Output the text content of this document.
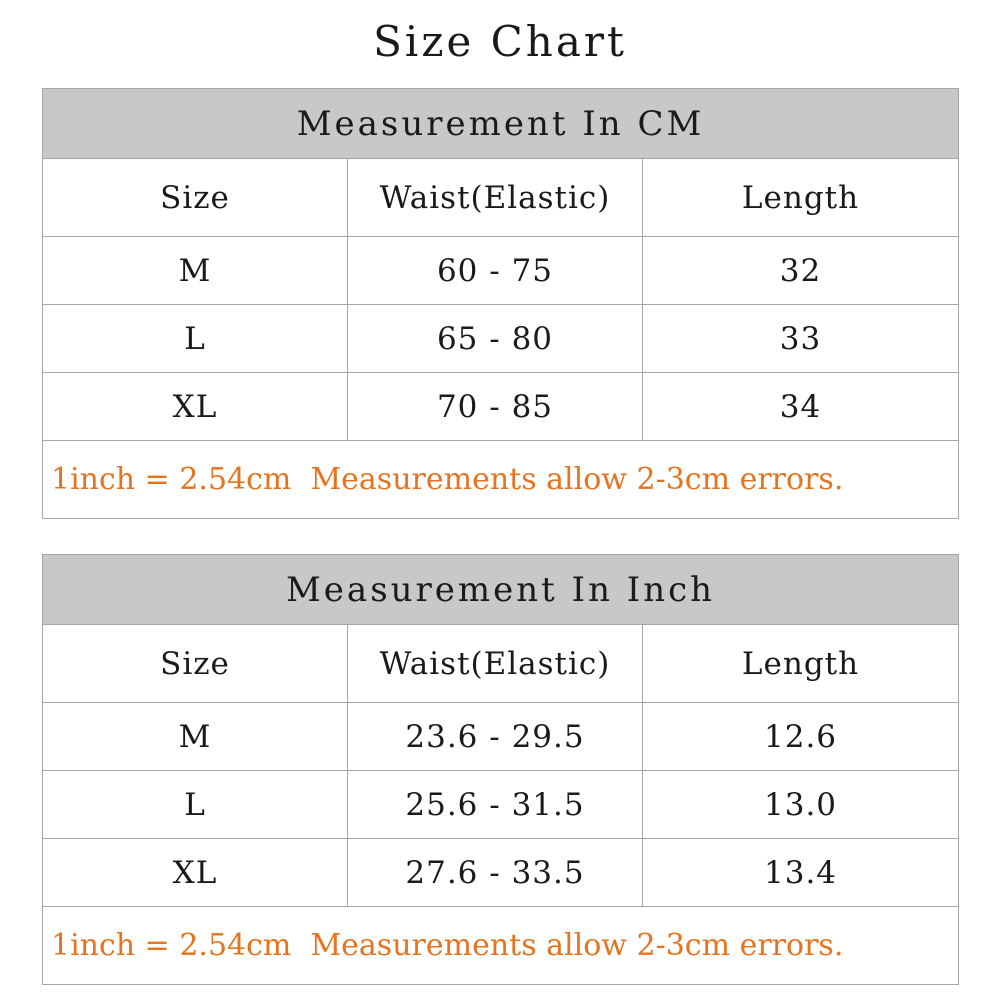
Size Chart
Measurement In CM		
Size	Waist(Elastic)	Length
M	60 - 75	32
L	65 - 80	33
XL	70 - 85	34
1inch = 2.54cm  Measurements allow 2-3cm errors.		
Measurement In Inch		
Size	Waist(Elastic)	Length
M	23.6 - 29.5	12.6
L	25.6 - 31.5	13.0
XL	27.6 - 33.5	13.4
1inch = 2.54cm  Measurements allow 2-3cm errors.		
